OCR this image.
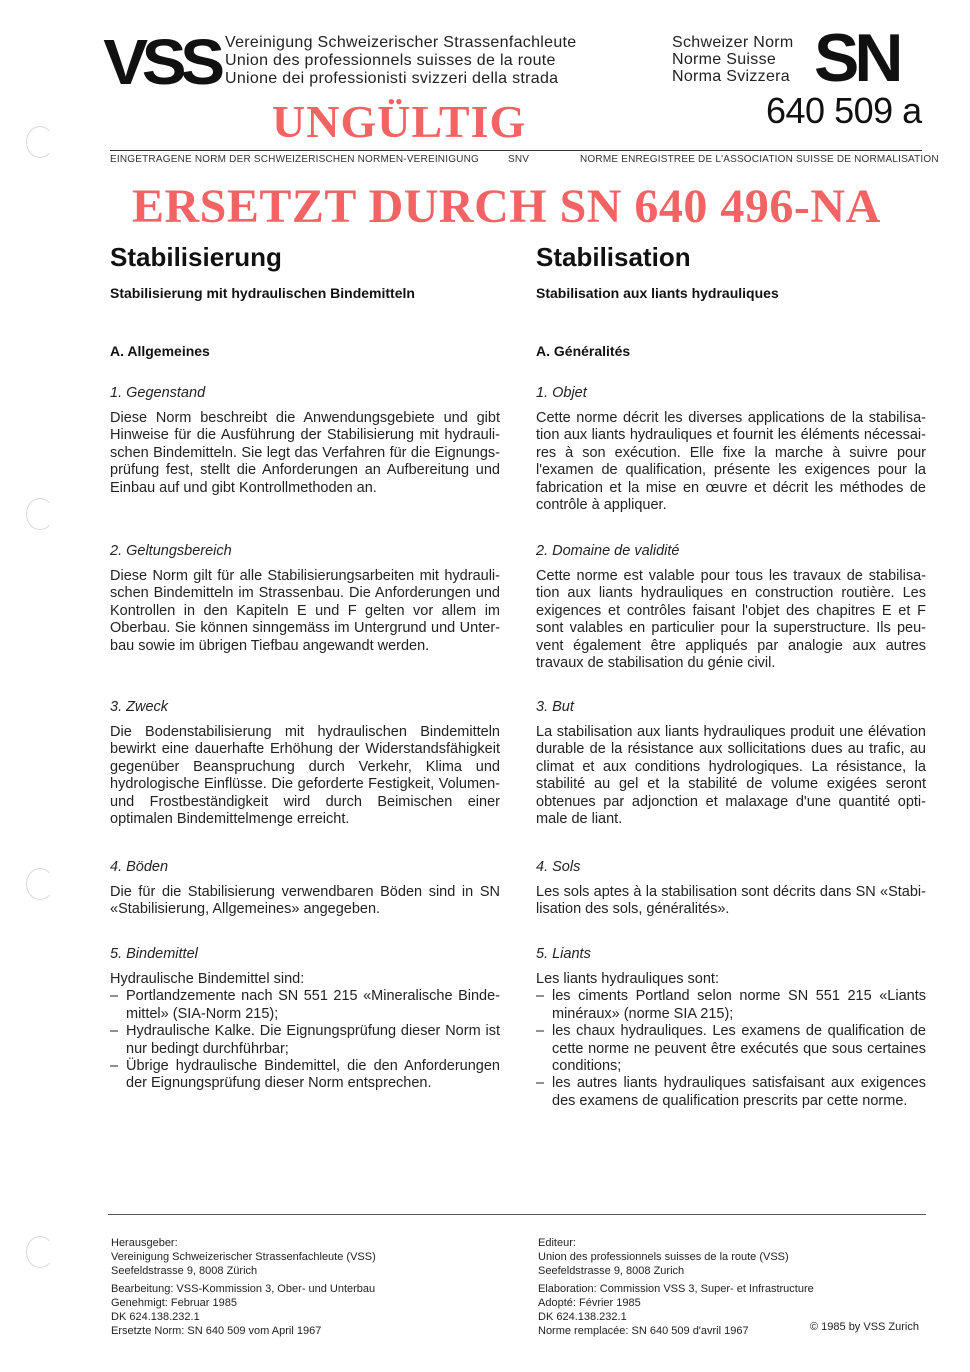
VSS Vereinigung Schweizerischer Strassenfachleute
Union des professionnels suisses de la route
Unione dei professionisti svizzeri della strada
Schweizer Norm
Norme Suisse
Norma Svizzera SN
640 509 a
UNGÜLTIG
EINGETRAGENE NORM DER SCHWEIZERISCHEN NORMEN-VEREINIGUNG	SNV	NORME ENREGISTREE DE L'ASSOCIATION SUISSE DE NORMALISATION
ERSETZT DURCH SN 640 496-NA
Stabilisierung

Stabilisierung mit hydraulischen Bindemitteln

A. Allgemeines

1. Gegenstand

Diese Norm beschreibt die Anwendungsgebiete und gibt Hinweise für die Ausführung der Stabilisierung mit hydraulischen Bindemitteln. Sie legt das Verfahren für die Eignungsprüfung fest, stellt die Anforderungen an Aufbereitung und Einbau auf und gibt Kontrollmethoden an.

2. Geltungsbereich

Diese Norm gilt für alle Stabilisierungsarbeiten mit hydraulischen Bindemitteln im Strassenbau. Die Anforderungen und Kontrollen in den Kapiteln E und F gelten vor allem im Oberbau. Sie können sinngemäss im Untergrund und Unterbau sowie im übrigen Tiefbau angewandt werden.

3. Zweck

Die Bodenstabilisierung mit hydraulischen Bindemitteln bewirkt eine dauerhafte Erhöhung der Widerstandsfähigkeit gegenüber Beanspruchung durch Verkehr, Klima und hydrologische Einflüsse. Die geforderte Festigkeit, Volumen- und Frostbeständigkeit wird durch Beimischen einer optimalen Bindemittelmenge erreicht.

4. Böden

Die für die Stabilisierung verwendbaren Böden sind in SN «Stabilisierung, Allgemeines» angegeben.

5. Bindemittel

Hydraulische Bindemittel sind:

– Portlandzemente nach SN 551 215 «Mineralische Bindemittel» (SIA-Norm 215);
– Hydraulische Kalke. Die Eignungsprüfung dieser Norm ist nur bedingt durchführbar;
– Übrige hydraulische Bindemittel, die den Anforderungen der Eignungsprüfung dieser Norm entsprechen.
Stabilisation

Stabilisation aux liants hydrauliques

A. Généralités

1. Objet

Cette norme décrit les diverses applications de la stabilisation aux liants hydrauliques et fournit les éléments nécessaires à son exécution. Elle fixe la marche à suivre pour l'examen de qualification, présente les exigences pour la fabrication et la mise en œuvre et décrit les méthodes de contrôle à appliquer.

2. Domaine de validité

Cette norme est valable pour tous les travaux de stabilisation aux liants hydrauliques en construction routière. Les exigences et contrôles faisant l'objet des chapitres E et F sont valables en particulier pour la superstructure. Ils peuvent également être appliqués par analogie aux autres travaux de stabilisation du génie civil.

3. But

La stabilisation aux liants hydrauliques produit une élévation durable de la résistance aux sollicitations dues au trafic, au climat et aux conditions hydrologiques. La résistance, la stabilité au gel et la stabilité de volume exigées seront obtenues par adjonction et malaxage d'une quantité optimale de liant.

4. Sols

Les sols aptes à la stabilisation sont décrits dans SN «Stabilisation des sols, généralités».

5. Liants

Les liants hydrauliques sont:

– les ciments Portland selon norme SN 551 215 «Liants minéraux» (norme SIA 215);
– les chaux hydrauliques. Les examens de qualification de cette norme ne peuvent être exécutés que sous certaines conditions;
– les autres liants hydrauliques satisfaisant aux exigences des examens de qualification prescrits par cette norme.

Herausgeber:

Vereinigung Schweizerischer Strassenfachleute (VSS)

Seefeldstrasse 9, 8008 Zürich

Bearbeitung: VSS-Kommission 3, Ober- und Unterbau

Genehmigt: Februar 1985

DK 624.138.232.1

Ersetzte Norm: SN 640 509 vom April 1967

Editeur:

Union des professionnels suisses de la route (VSS)

Seefeldstrasse 9, 8008 Zurich

Elaboration: Commission VSS 3, Super- et Infrastructure

Adopté: Février 1985

DK 624.138.232.1

Norme remplacée: SN 640 509 d'avril 1967	© 1985 by VSS Zurich
